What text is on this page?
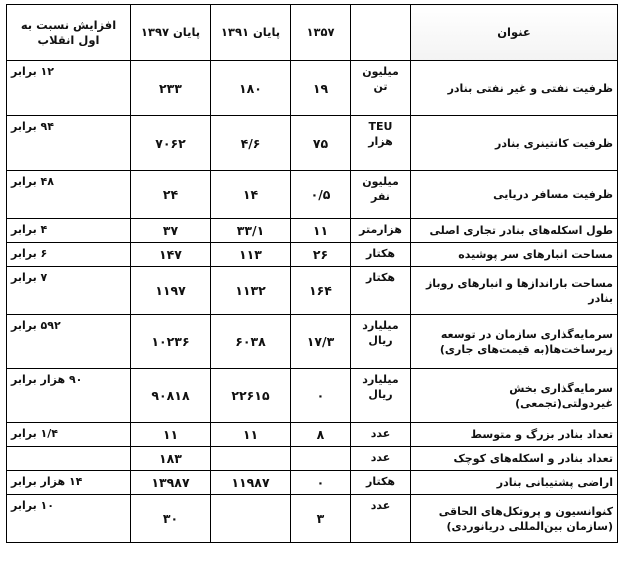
عنوان		۱۳۵۷	پایان ۱۳۹۱	پایان ۱۳۹۷	افزایش نسبت به اول انقلاب
ظرفیت نفتی و غیر نفتی بنادر	میلیون تن	۱۹	۱۸۰	۲۳۳	۱۲ برابر
ظرفیت کانتینری بنادر	TEU هزار	۷۵	۴/۶	۷۰۶۲	۹۴ برابر
ظرفیت مسافر دریایی	میلیون نفر	۰/۵	۱۴	۲۴	۴۸ برابر
طول اسکله‌های بنادر تجاری اصلی	هزارمتر	۱۱	۳۳/۱	۳۷	۴ برابر
مساحت انبارهای سر پوشیده	هکتار	۲۶	۱۱۳	۱۴۷	۶ برابر
مساحت باراندازها و انبارهای روباز بنادر	هکتار	۱۶۴	۱۱۳۲	۱۱۹۷	۷ برابر
سرمایه‌گذاری سازمان در توسعه زیرساخت‌ها(به قیمت‌های جاری)	میلیارد ریال	۱۷/۳	۶۰۳۸	۱۰۲۳۶	۵۹۲ برابر
سرمایه‌گذاری بخش غیردولتی(تجمعی)	میلیارد ریال	۰	۲۲۶۱۵	۹۰۸۱۸	۹۰ هزار برابر
تعداد بنادر بزرگ و متوسط	عدد	۸	۱۱	۱۱	۱/۴ برابر
تعداد بنادر و اسکله‌های کوچک	عدد			۱۸۳	
اراضی پشتیبانی بنادر	هکتار	۰	۱۱۹۸۷	۱۳۹۸۷	۱۴ هزار برابر
کنوانسیون و پروتکل‌های الحاقی (سازمان بین‌المللی دریانوردی)	عدد	۳		۳۰	۱۰ برابر
